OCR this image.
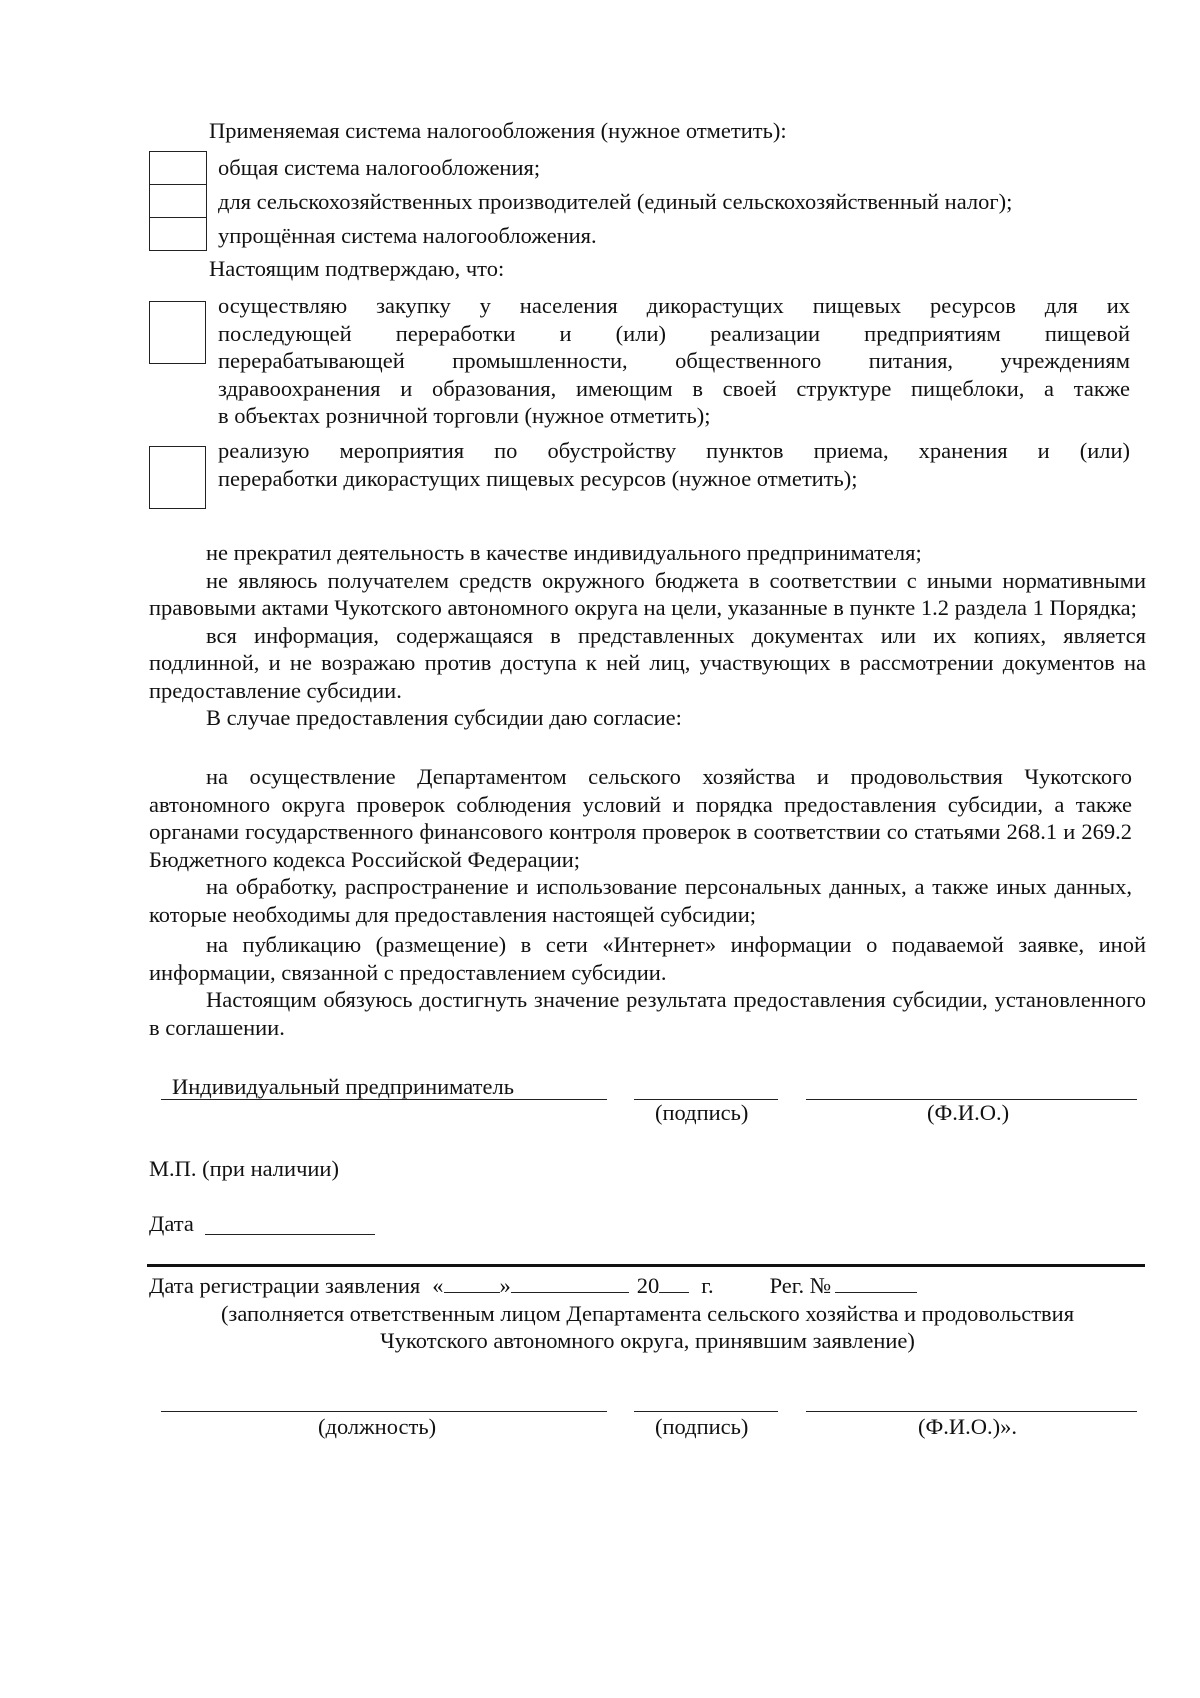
Применяемая система налогообложения (нужное отметить):
общая система налогообложения;
для сельскохозяйственных производителей (единый сельскохозяйственный налог);
упрощённая система налогообложения.
Настоящим подтверждаю, что:
осуществляю закупку у населения дикорастущих пищевых ресурсов для их
последующей переработки и (или) реализации предприятиям пищевой
перерабатывающей промышленности, общественного питания, учреждениям
здравоохранения и образования, имеющим в своей структуре пищеблоки, а также
в объектах розничной торговли (нужное отметить);
реализую мероприятия по обустройству пунктов приема, хранения и (или)
переработки дикорастущих пищевых ресурсов (нужное отметить);

не прекратил деятельность в качестве индивидуального предпринимателя;

не являюсь получателем средств окружного бюджета в соответствии с иными нормативными правовыми актами Чукотского автономного округа на цели, указанные в пункте 1.2 раздела 1 Порядка;

вся информация, содержащаяся в представленных документах или их копиях, является подлинной, и не возражаю против доступа к ней лиц, участвующих в рассмотрении документов на предоставление субсидии.

В случае предоставления субсидии даю согласие:

на осуществление Департаментом сельского хозяйства и продовольствия Чукотского автономного округа проверок соблюдения условий и порядка предоставления субсидии, а также органами государственного финансового контроля проверок в соответствии со статьями 268.1 и 269.2 Бюджетного кодекса Российской Федерации;

на обработку, распространение и использование персональных данных, а также иных данных, которые необходимы для предоставления настоящей субсидии;

на публикацию (размещение) в сети «Интернет» информации о подаваемой заявке, иной информации, связанной с предоставлением субсидии.

Настоящим обязуюсь достигнуть значение результата предоставления субсидии, установленного в соглашении.

Индивидуальный предприниматель
(подпись)	(Ф.И.О.)
М.П. (при наличии)
Дата
Дата регистрации заявления « »	20 г. Рег. №
(заполняется ответственным лицом Департамента сельского хозяйства и продовольствия
Чукотского автономного округа, принявшим заявление)
(должность)	(подпись)	(Ф.И.О.)».
